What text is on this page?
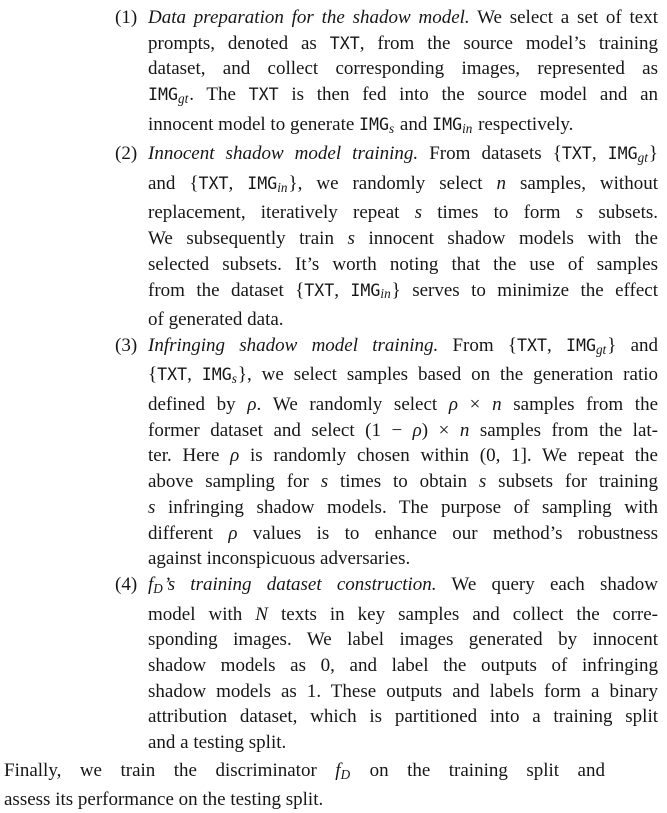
(1) Data preparation for the shadow model. We select a set of text
prompts, denoted as TXT, from the source model’s training
dataset, and collect corresponding images, represented as
IMGgt. The TXT is then fed into the source model and an
innocent model to generate IMGs and IMGin respectively.
(2) Innocent shadow model training. From datasets {TXT, IMGgt}
and {TXT, IMGin}, we randomly select n samples, without
replacement, iteratively repeat s times to form s subsets.
We subsequently train s innocent shadow models with the
selected subsets. It’s worth noting that the use of samples
from the dataset {TXT, IMGin} serves to minimize the effect
of generated data.
(3) Infringing shadow model training. From {TXT, IMGgt} and
{TXT, IMGs}, we select samples based on the generation ratio
defined by ρ. We randomly select ρ × n samples from the
former dataset and select (1 − ρ) × n samples from the lat-
ter. Here ρ is randomly chosen within (0, 1]. We repeat the
above sampling for s times to obtain s subsets for training
s infringing shadow models. The purpose of sampling with
different ρ values is to enhance our method’s robustness
against inconspicuous adversaries.
(4) fD’s training dataset construction. We query each shadow
model with N texts in key samples and collect the corre-
sponding images. We label images generated by innocent
shadow models as 0, and label the outputs of infringing
shadow models as 1. These outputs and labels form a binary
attribution dataset, which is partitioned into a training split
and a testing split.
Finally, we train the discriminator fD on the training split and
assess its performance on the testing split.
